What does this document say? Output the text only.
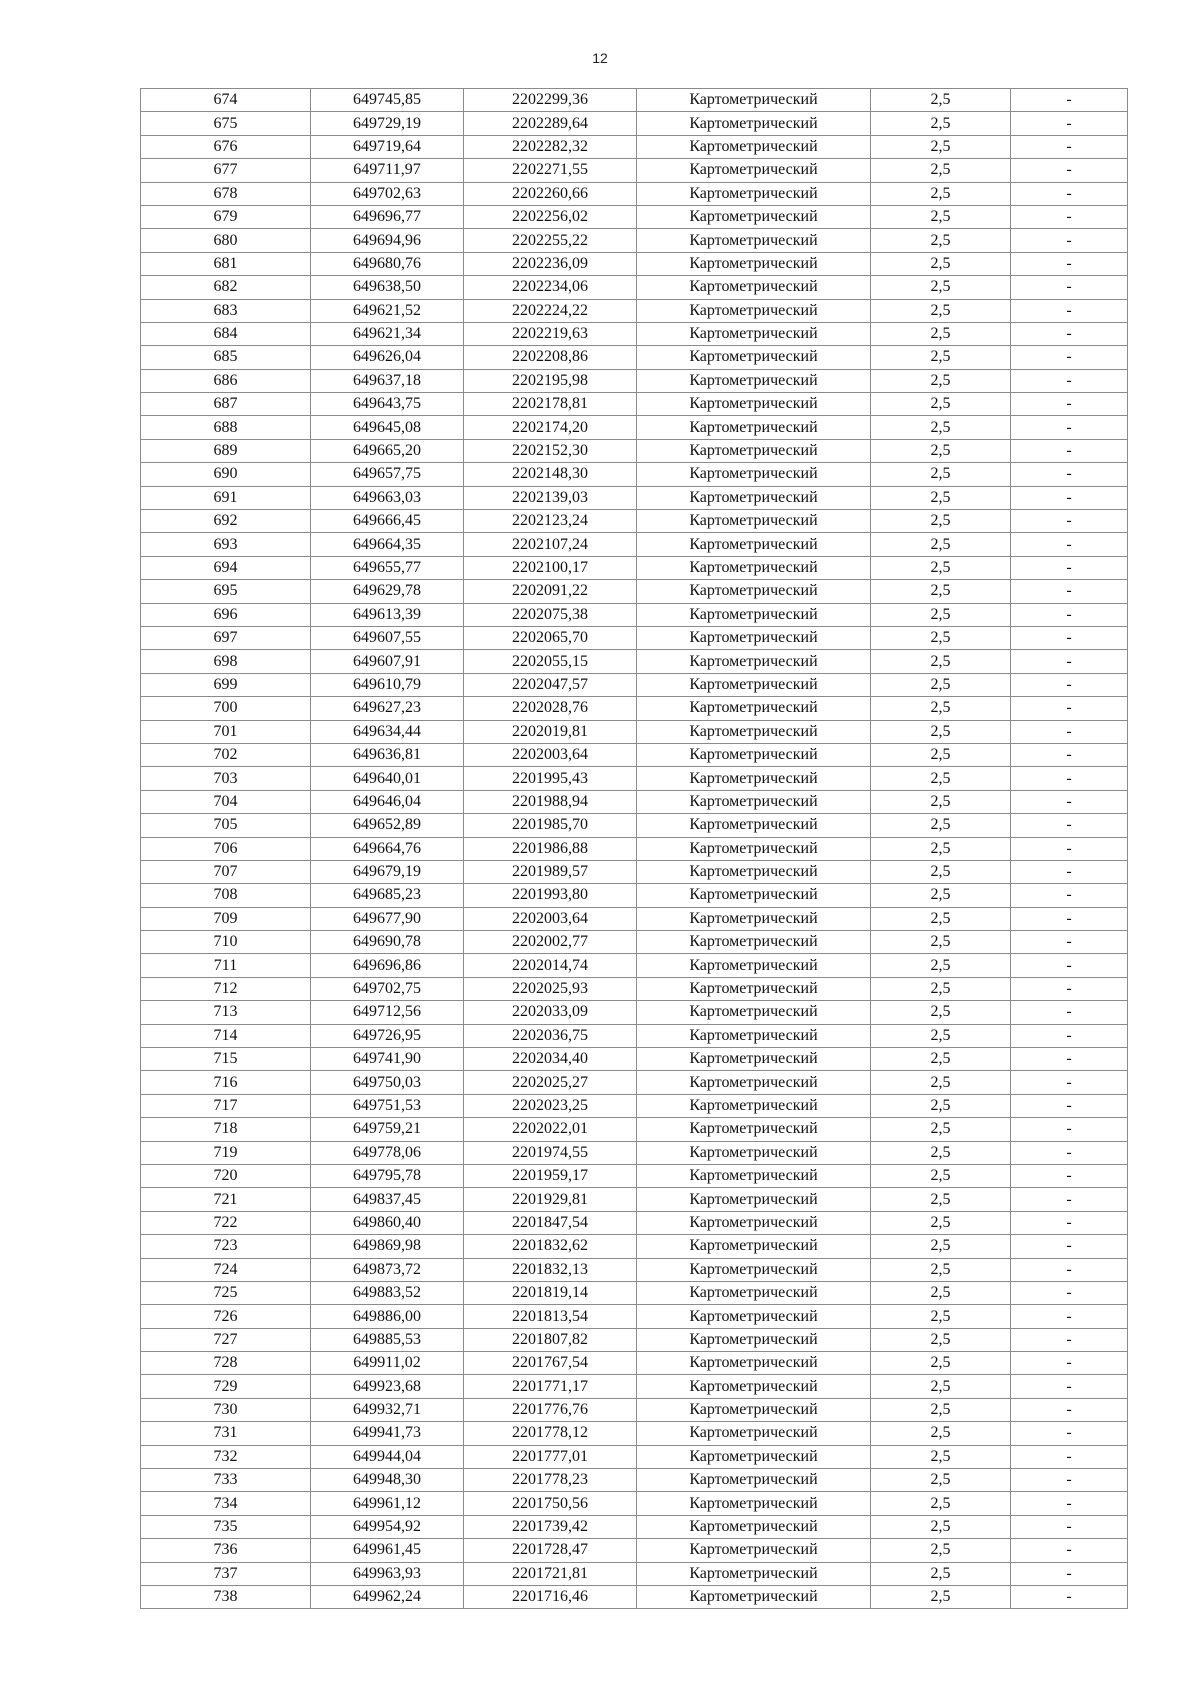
12
674	649745,85	2202299,36	Картометрический	2,5	-
675	649729,19	2202289,64	Картометрический	2,5	-
676	649719,64	2202282,32	Картометрический	2,5	-
677	649711,97	2202271,55	Картометрический	2,5	-
678	649702,63	2202260,66	Картометрический	2,5	-
679	649696,77	2202256,02	Картометрический	2,5	-
680	649694,96	2202255,22	Картометрический	2,5	-
681	649680,76	2202236,09	Картометрический	2,5	-
682	649638,50	2202234,06	Картометрический	2,5	-
683	649621,52	2202224,22	Картометрический	2,5	-
684	649621,34	2202219,63	Картометрический	2,5	-
685	649626,04	2202208,86	Картометрический	2,5	-
686	649637,18	2202195,98	Картометрический	2,5	-
687	649643,75	2202178,81	Картометрический	2,5	-
688	649645,08	2202174,20	Картометрический	2,5	-
689	649665,20	2202152,30	Картометрический	2,5	-
690	649657,75	2202148,30	Картометрический	2,5	-
691	649663,03	2202139,03	Картометрический	2,5	-
692	649666,45	2202123,24	Картометрический	2,5	-
693	649664,35	2202107,24	Картометрический	2,5	-
694	649655,77	2202100,17	Картометрический	2,5	-
695	649629,78	2202091,22	Картометрический	2,5	-
696	649613,39	2202075,38	Картометрический	2,5	-
697	649607,55	2202065,70	Картометрический	2,5	-
698	649607,91	2202055,15	Картометрический	2,5	-
699	649610,79	2202047,57	Картометрический	2,5	-
700	649627,23	2202028,76	Картометрический	2,5	-
701	649634,44	2202019,81	Картометрический	2,5	-
702	649636,81	2202003,64	Картометрический	2,5	-
703	649640,01	2201995,43	Картометрический	2,5	-
704	649646,04	2201988,94	Картометрический	2,5	-
705	649652,89	2201985,70	Картометрический	2,5	-
706	649664,76	2201986,88	Картометрический	2,5	-
707	649679,19	2201989,57	Картометрический	2,5	-
708	649685,23	2201993,80	Картометрический	2,5	-
709	649677,90	2202003,64	Картометрический	2,5	-
710	649690,78	2202002,77	Картометрический	2,5	-
711	649696,86	2202014,74	Картометрический	2,5	-
712	649702,75	2202025,93	Картометрический	2,5	-
713	649712,56	2202033,09	Картометрический	2,5	-
714	649726,95	2202036,75	Картометрический	2,5	-
715	649741,90	2202034,40	Картометрический	2,5	-
716	649750,03	2202025,27	Картометрический	2,5	-
717	649751,53	2202023,25	Картометрический	2,5	-
718	649759,21	2202022,01	Картометрический	2,5	-
719	649778,06	2201974,55	Картометрический	2,5	-
720	649795,78	2201959,17	Картометрический	2,5	-
721	649837,45	2201929,81	Картометрический	2,5	-
722	649860,40	2201847,54	Картометрический	2,5	-
723	649869,98	2201832,62	Картометрический	2,5	-
724	649873,72	2201832,13	Картометрический	2,5	-
725	649883,52	2201819,14	Картометрический	2,5	-
726	649886,00	2201813,54	Картометрический	2,5	-
727	649885,53	2201807,82	Картометрический	2,5	-
728	649911,02	2201767,54	Картометрический	2,5	-
729	649923,68	2201771,17	Картометрический	2,5	-
730	649932,71	2201776,76	Картометрический	2,5	-
731	649941,73	2201778,12	Картометрический	2,5	-
732	649944,04	2201777,01	Картометрический	2,5	-
733	649948,30	2201778,23	Картометрический	2,5	-
734	649961,12	2201750,56	Картометрический	2,5	-
735	649954,92	2201739,42	Картометрический	2,5	-
736	649961,45	2201728,47	Картометрический	2,5	-
737	649963,93	2201721,81	Картометрический	2,5	-
738	649962,24	2201716,46	Картометрический	2,5	-
